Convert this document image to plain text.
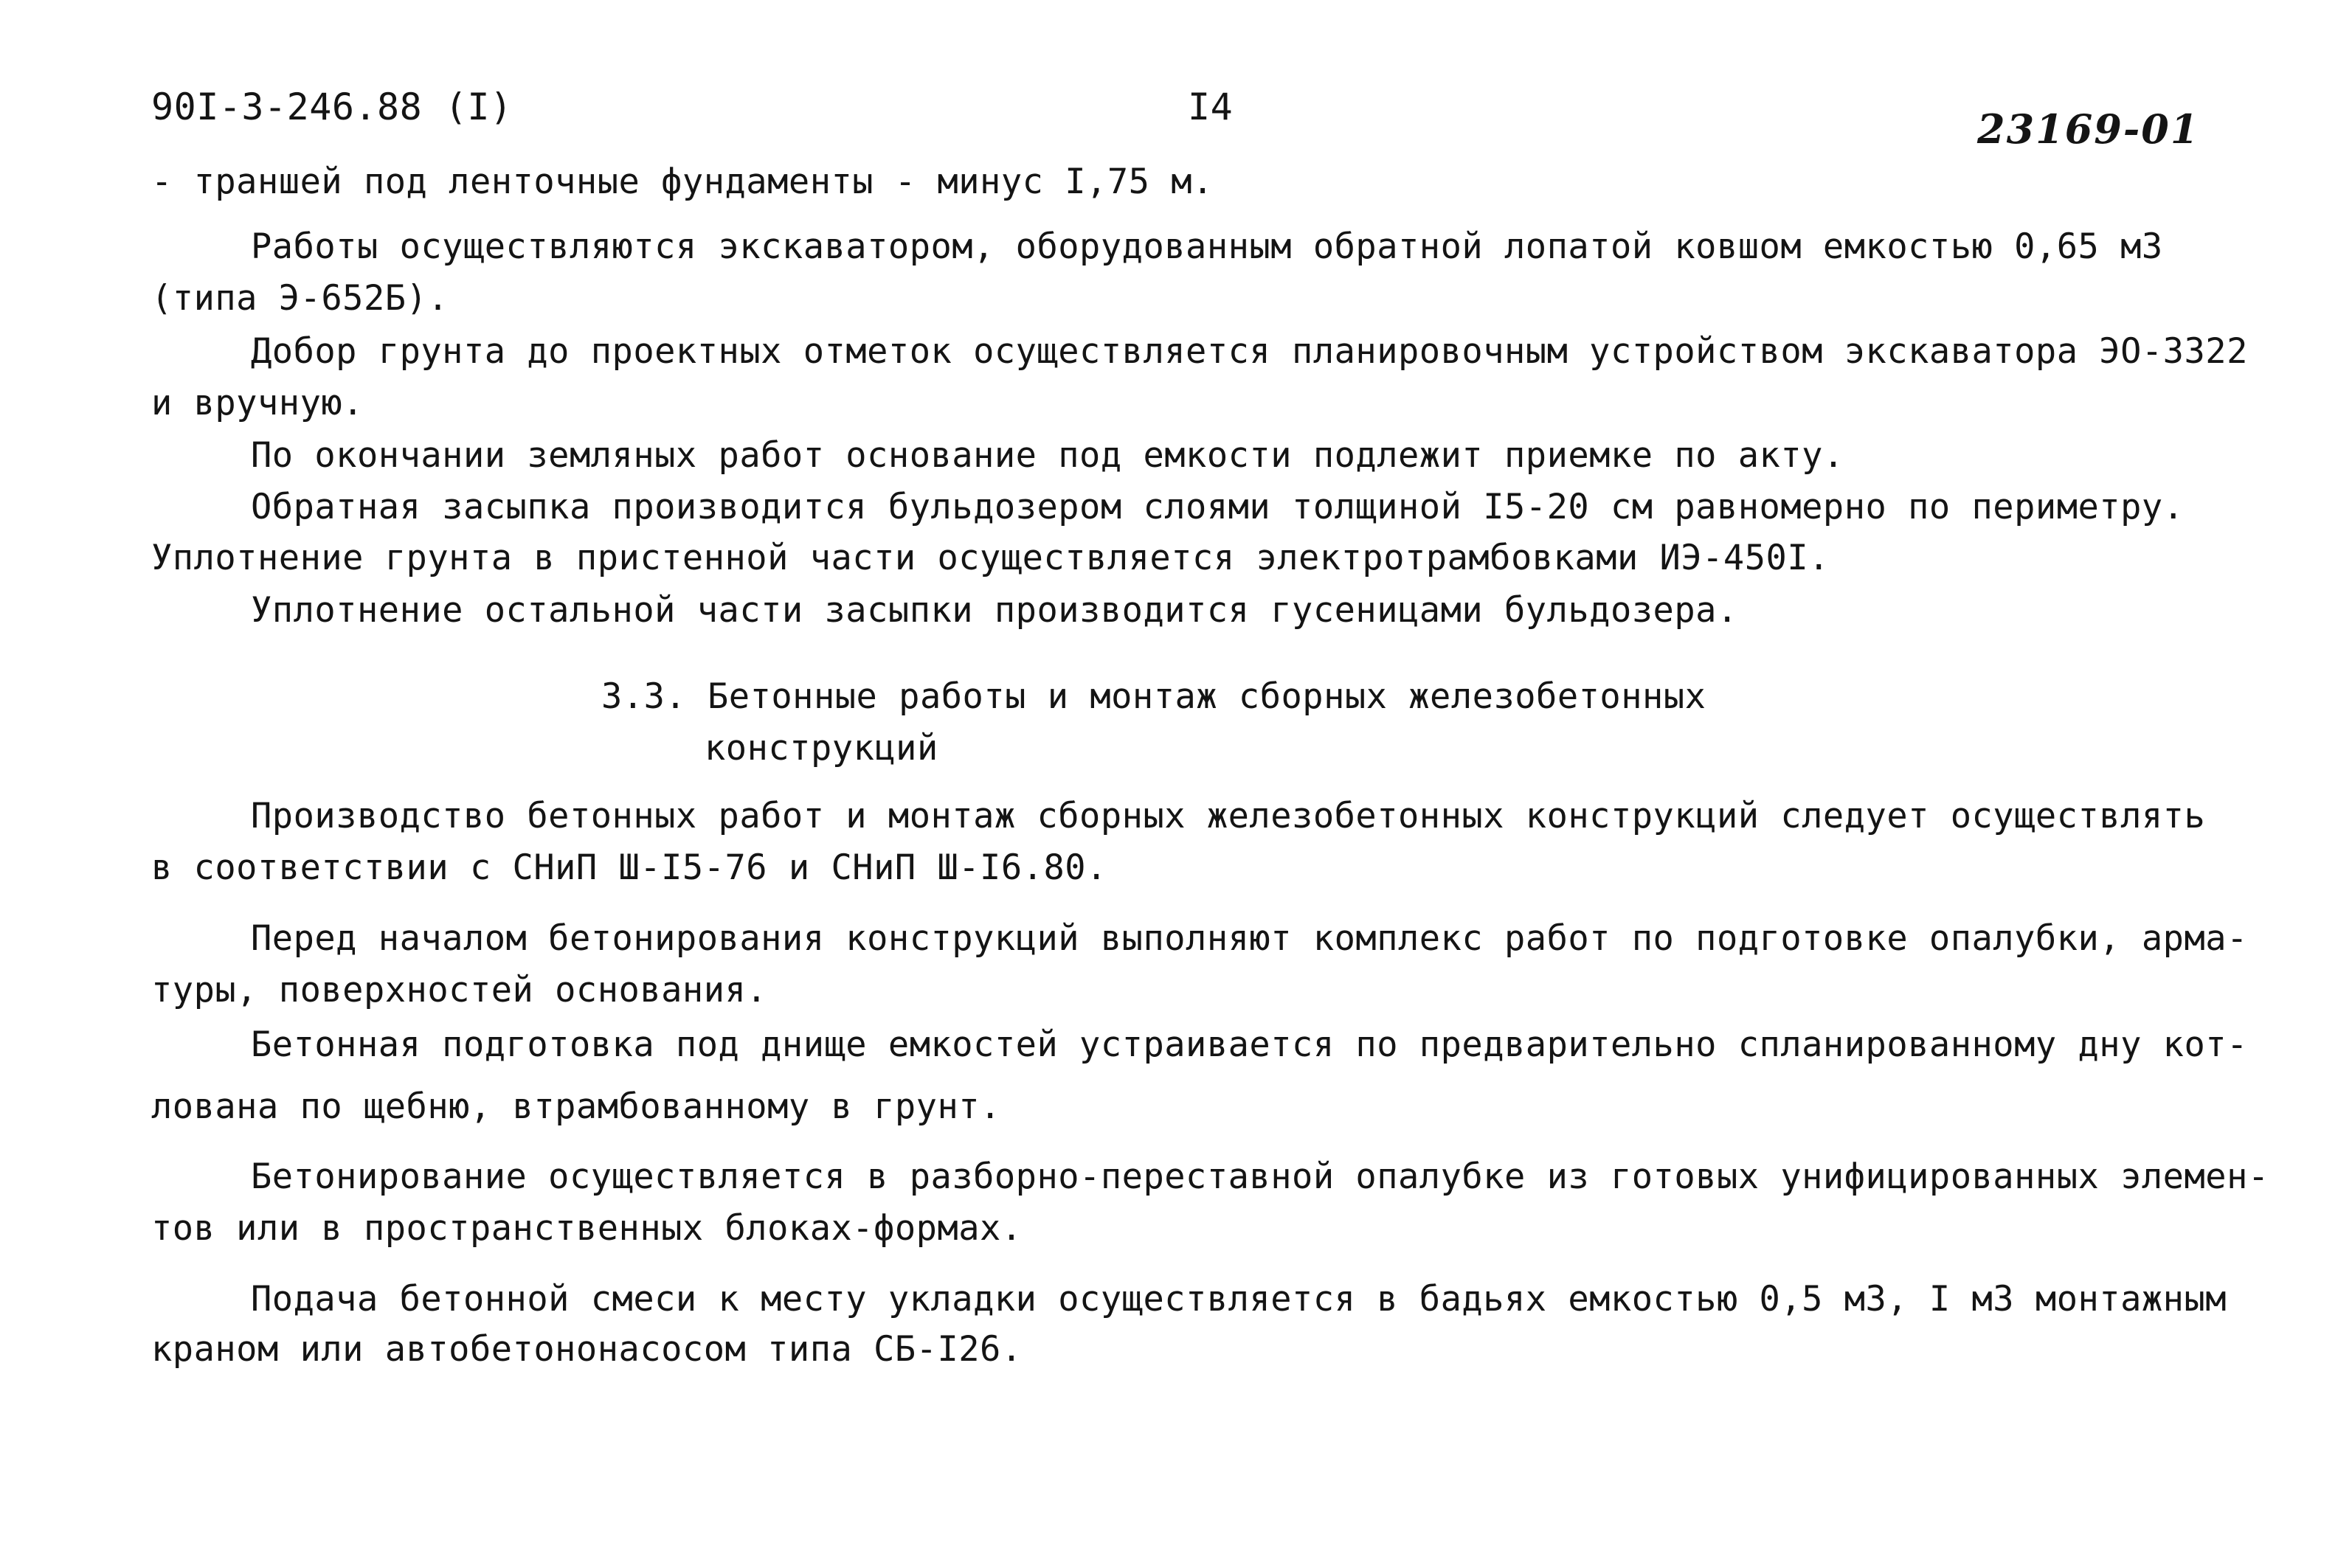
90I-3-246.88 (I)	I4	23169-01
- траншей под ленточные фундаменты - минус I,75 м.
Работы осуществляются экскаватором, оборудованным обратной лопатой ковшом емкостью 0,65 м3
(типа Э-652Б).
Добор грунта до проектных отметок осуществляется планировочным устройством экскаватора ЭО-3322
и вручную.
По окончании земляных работ основание под емкости подлежит приемке по акту.
Обратная засыпка производится бульдозером слоями толщиной I5-20 см равномерно по периметру.
Уплотнение грунта в пристенной части осуществляется электротрамбовками ИЭ-450I.
Уплотнение остальной части засыпки производится гусеницами бульдозера.
3.3. Бетонные работы и монтаж сборных железобетонных
конструкций
Производство бетонных работ и монтаж сборных железобетонных конструкций следует осуществлять
в соответствии с СНиП Ш-I5-76 и СНиП Ш-I6.80.
Перед началом бетонирования конструкций выполняют комплекс работ по подготовке опалубки, арма-
туры, поверхностей основания.
Бетонная подготовка под днище емкостей устраивается по предварительно спланированному дну кот-
лована по щебню, втрамбованному в грунт.
Бетонирование осуществляется в разборно-переставной опалубке из готовых унифицированных элемен-
тов или в пространственных блоках-формах.
Подача бетонной смеси к месту укладки осуществляется в бадьях емкостью 0,5 м3, I м3 монтажным
краном или автобетононасосом типа СБ-I26.
